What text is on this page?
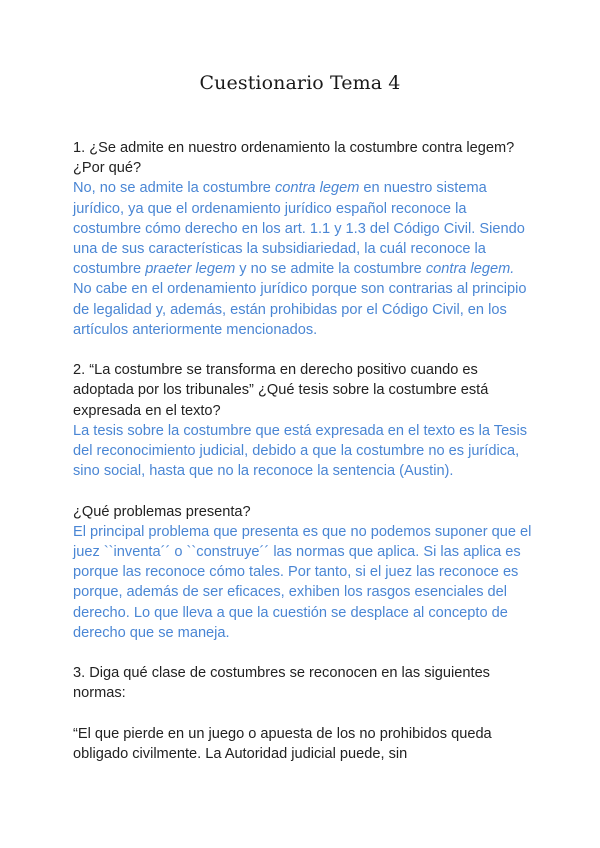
Cuestionario Tema 4

1. ¿Se admite en nuestro ordenamiento la costumbre contra legem? ¿Por qué?

No, no se admite la costumbre contra legem en nuestro sistema jurídico, ya que el ordenamiento jurídico español reconoce la costumbre cómo derecho en los art. 1.1 y 1.3 del Código Civil. Siendo una de sus características la subsidiariedad, la cuál reconoce la costumbre praeter legem y no se admite la costumbre contra legem. No cabe en el ordenamiento jurídico porque son contrarias al principio de legalidad y, además, están prohibidas por el Código Civil, en los artículos anteriormente mencionados.

2. “La costumbre se transforma en derecho positivo cuando es adoptada por los tribunales” ¿Qué tesis sobre la costumbre está expresada en el texto?

La tesis sobre la costumbre que está expresada en el texto es la Tesis del reconocimiento judicial, debido a que la costumbre no es jurídica, sino social, hasta que no la reconoce la sentencia (Austin).

¿Qué problemas presenta?

El principal problema que presenta es que no podemos suponer que el juez ``inventa´´ o ``construye´´ las normas que aplica. Si las aplica es porque las reconoce cómo tales. Por tanto, si el juez las reconoce es porque, además de ser eficaces, exhiben los rasgos esenciales del derecho. Lo que lleva a que la cuestión se desplace al concepto de derecho que se maneja.

3. Diga qué clase de costumbres se reconocen en las siguientes normas:

“El que pierde en un juego o apuesta de los no prohibidos queda obligado civilmente. La Autoridad judicial puede, sin
